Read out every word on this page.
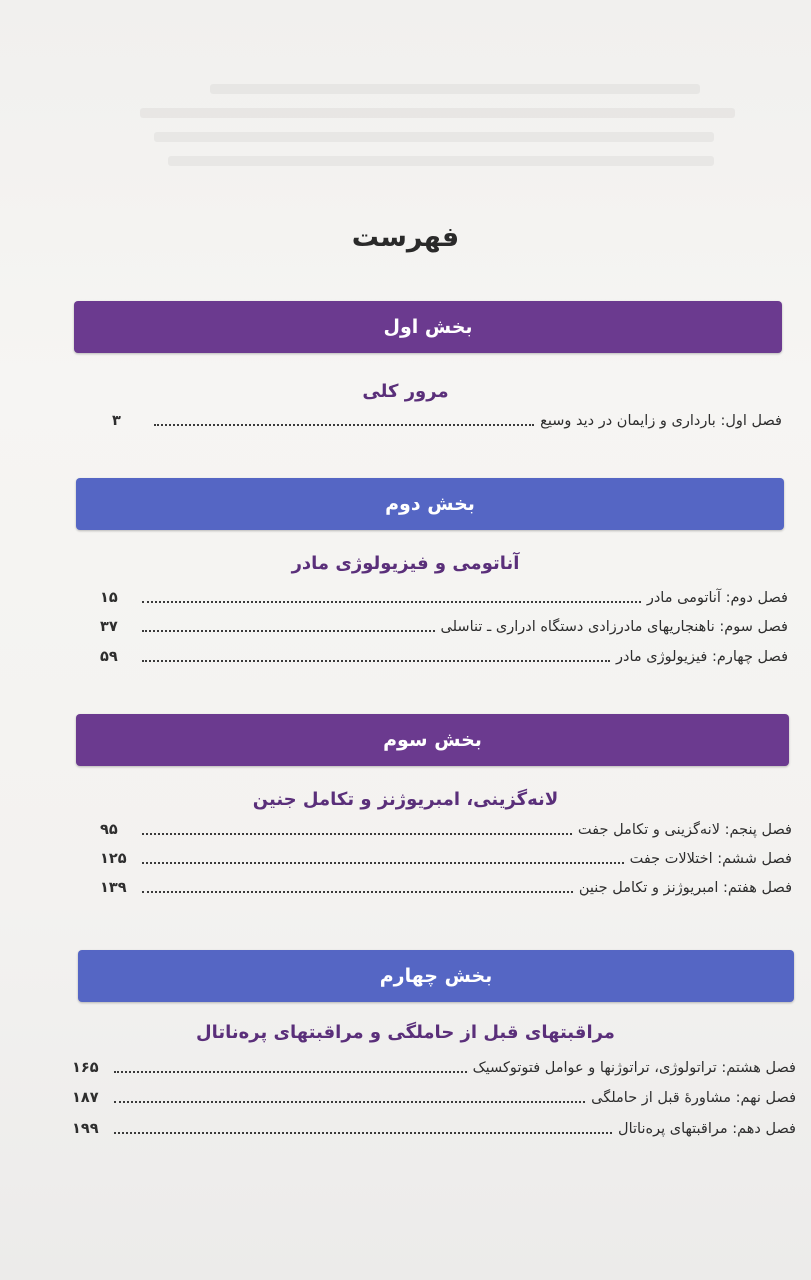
فهرست
بخش اول
مرور کلی
فصل اول: بارداری و زایمان در دید وسیع
۳
بخش دوم
آناتومی و فیزیولوژی مادر
فصل دوم: آناتومی مادر
۱۵
فصل سوم: ناهنجاریهای مادرزادی دستگاه ادراری ـ تناسلی
۳۷
فصل چهارم: فیزیولوژی مادر
۵۹
بخش سوم
لانه‌گزینی، امبریوژنز و تکامل جنین
فصل پنجم: لانه‌گزینی و تکامل جفت
۹۵
فصل ششم: اختلالات جفت
۱۲۵
فصل هفتم: امبریوژنز و تکامل جنین
۱۳۹
بخش چهارم
مراقبتهای قبل از حاملگی و مراقبتهای پره‌ناتال
فصل هشتم: تراتولوژی، تراتوژنها و عوامل فتوتوکسیک
۱۶۵
فصل نهم: مشاورهٔ قبل از حاملگی
۱۸۷
فصل دهم: مراقبتهای پره‌ناتال
۱۹۹
